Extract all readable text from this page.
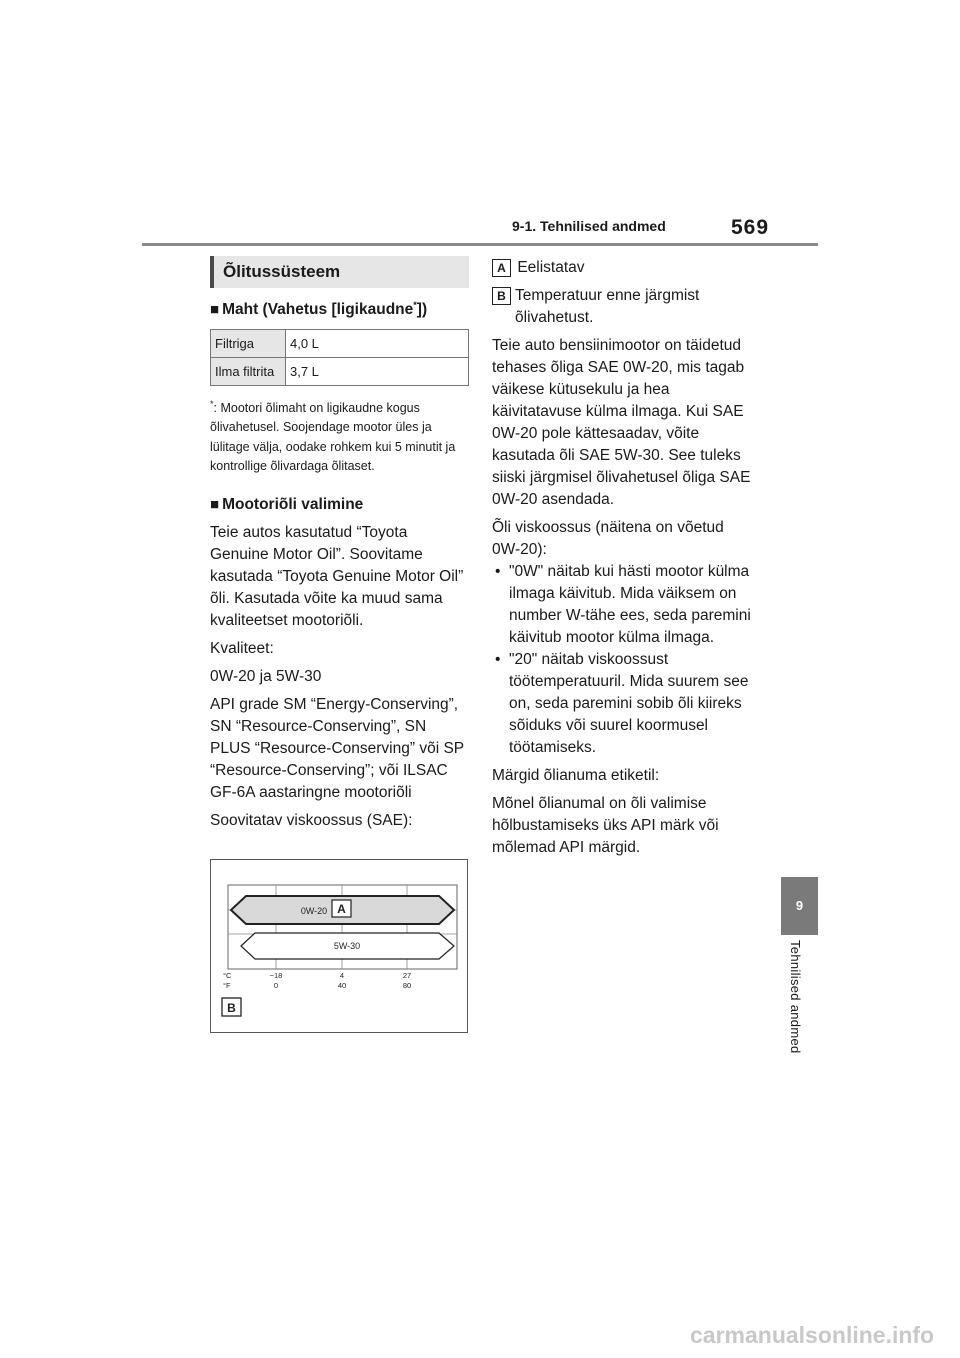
9-1. Tehnilised andmed	569
9
Tehnilised andmed
Õlitussüsteem
■ Maht (Vahetus [ligikaudne*])
Filtriga	4,0 L
Ilma filtrita	3,7 L
*: Mootori õlimaht on ligikaudne kogus õlivahetusel. Soojendage mootor üles ja lülitage välja, oodake rohkem kui 5 minutit ja kontrollige õlivardaga õlitaset.
■ Mootoriõli valimine
Teie autos kasutatud “Toyota Genuine Motor Oil”. Soovitame kasutada “Toyota Genuine Motor Oil” õli. Kasutada võite ka muud sama kvaliteetset mootoriõli.
Kvaliteet:
0W-20 ja 5W-30
API grade SM “Energy-Conserving”, SN “Resource-Conserving”, SN PLUS “Resource-Conserving” või SP “Resource-Conserving”; või ILSAC GF-6A aastaringne mootoriõli
Soovitatav viskoossus (SAE):
0W-20 A
5W-30
°C
°F
−18	4	27
0	40	80
B
A Eelistatav
B Temperatuur enne järgmist õlivahetust.
Teie auto bensiinimootor on täidetud tehases õliga SAE 0W-20, mis tagab väikese kütusekulu ja hea käivitatavuse külma ilmaga. Kui SAE 0W-20 pole kättesaadav, võite kasutada õli SAE 5W-30. See tuleks siiski järgmisel õlivahetusel õliga SAE 0W-20 asendada.
Õli viskoossus (näitena on võetud 0W-20):
• "0W" näitab kui hästi mootor külma ilmaga käivitub. Mida väiksem on number W-tähe ees, seda paremini käivitub mootor külma ilmaga.
• "20" näitab viskoossust töötemperatuuril. Mida suurem see on, seda paremini sobib õli kiireks sõiduks või suurel koormusel töötamiseks.
Märgid õlianuma etiketil:
Mõnel õlianumal on õli valimise hõlbustamiseks üks API märk või mõlemad API märgid.
carmanualsonline.info
